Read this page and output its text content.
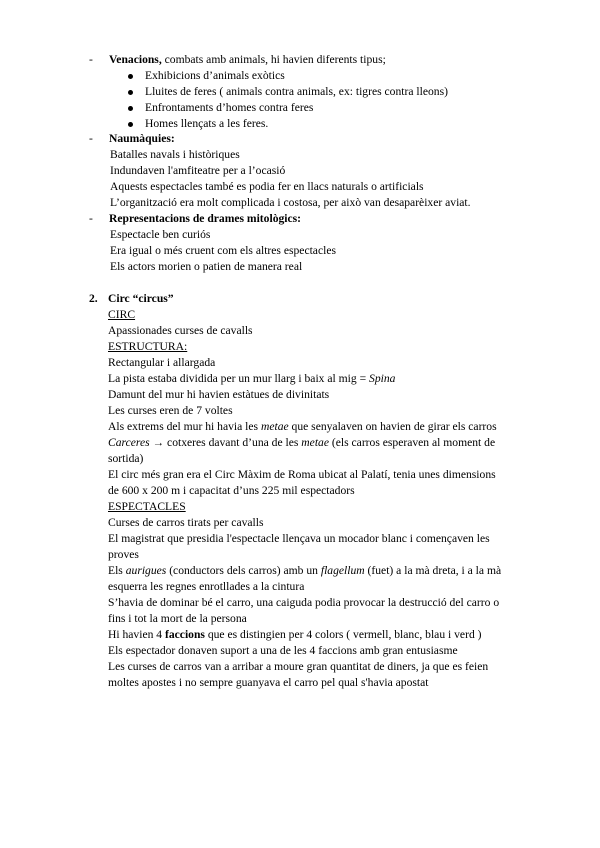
- Venacions, combats amb animals, hi havien diferents tipus;
Exhibicions d’animals exòtics
Lluites de feres ( animals contra animals, ex: tigres contra lleons)
Enfrontaments d’homes contra feres
Homes llençats a les feres.
- Naumàquies:
Batalles navals i històriques
Indundaven l'amfiteatre per a l’ocasió
Aquests espectacles també es podia fer en llacs naturals o artificials
L’organització era molt complicada i costosa, per això van desaparèixer aviat.
- Representacions de drames mitològics:
Espectacle ben curiós
Era igual o més cruent com els altres espectacles
Els actors morien o patien de manera real
2. Circ “circus”
CIRC
Apassionades curses de cavalls
ESTRUCTURA:
Rectangular i allargada
La pista estaba dividida per un mur llarg i baix al mig = Spina
Damunt del mur hi havien estàtues de divinitats
Les curses eren de 7 voltes
Als extrems del mur hi havia les metae que senyalaven on havien de girar els carros
Carceres → cotxeres davant d’una de les metae (els carros esperaven al moment de
sortida)
El circ més gran era el Circ Màxim de Roma ubicat al Palatí, tenia unes dimensions
de 600 x 200 m i capacitat d’uns 225 mil espectadors
ESPECTACLES
Curses de carros tirats per cavalls
El magistrat que presidia l'espectacle llençava un mocador blanc i començaven les
proves
Els aurigues (conductors dels carros) amb un flagellum (fuet) a la mà dreta, i a la mà
esquerra les regnes enrotllades a la cintura
S’havia de dominar bé el carro, una caiguda podia provocar la destrucció del carro o
fins i tot la mort de la persona
Hi havien 4 faccions que es distingien per 4 colors ( vermell, blanc, blau i verd )
Els espectador donaven suport a una de les 4 faccions amb gran entusiasme
Les curses de carros van a arribar a moure gran quantitat de diners, ja que es feien
moltes apostes i no sempre guanyava el carro pel qual s'havia apostat
